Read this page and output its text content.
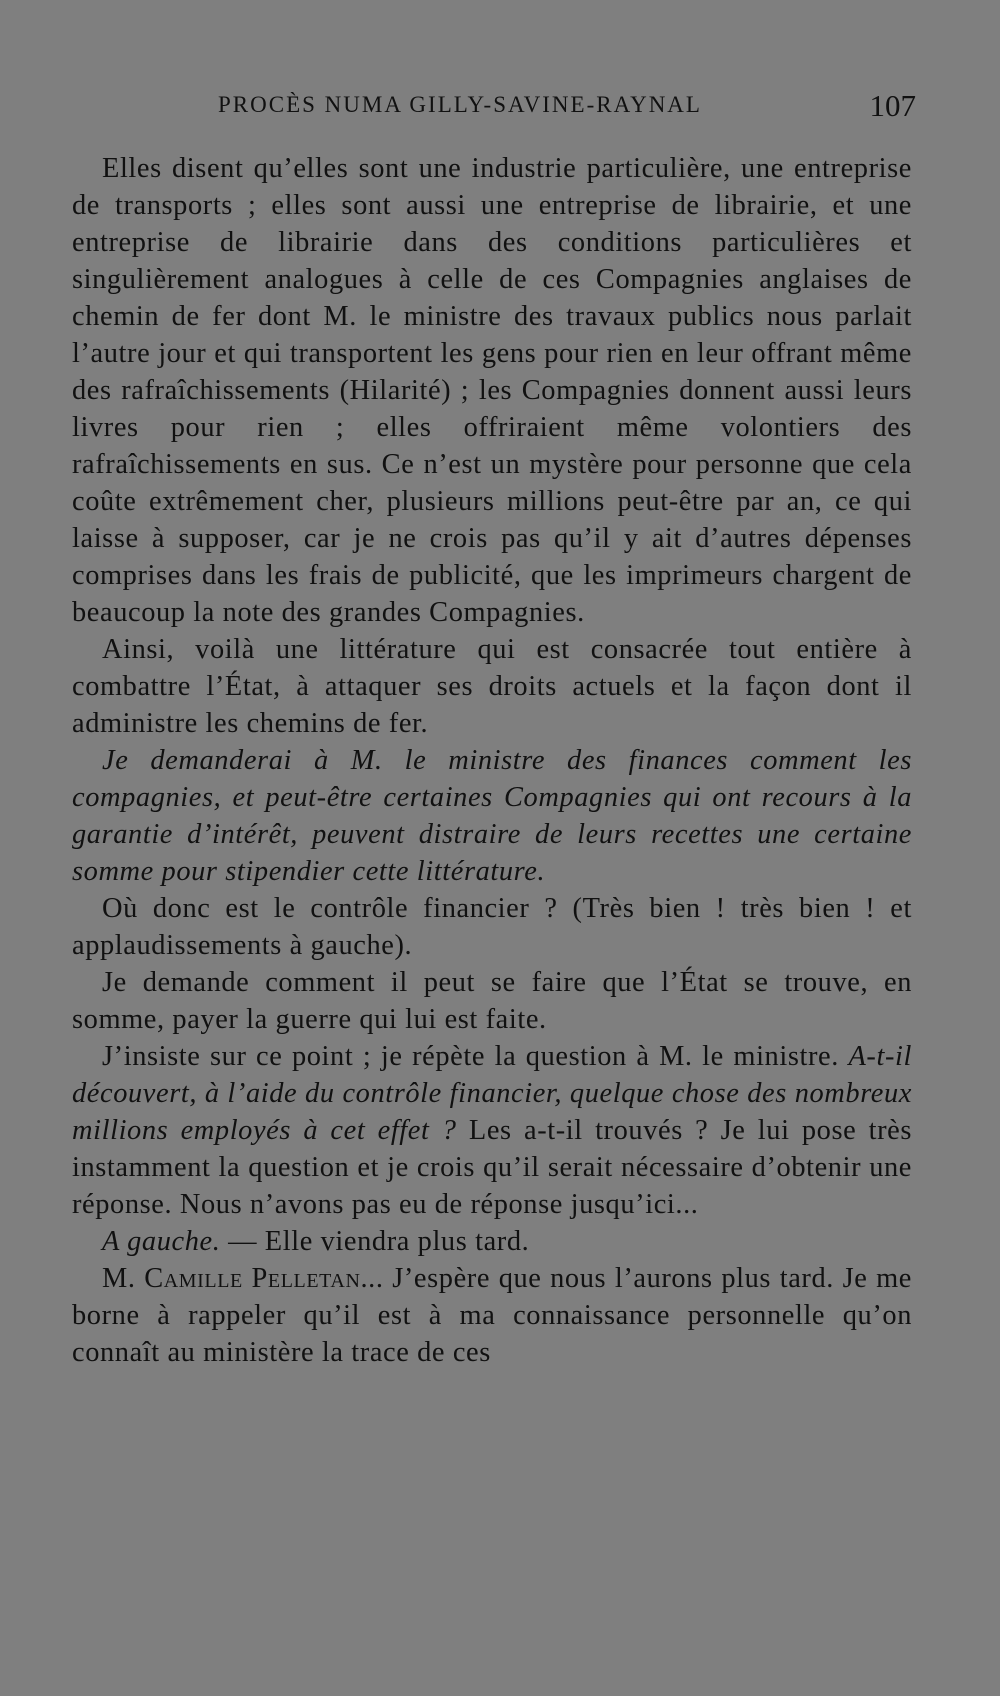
PROCÈS NUMA GILLY-SAVINE-RAYNAL	107

Elles disent qu’elles sont une industrie particulière, une entreprise de transports ; elles sont aussi une entreprise de librairie, et une entreprise de librairie dans des conditions particulières et singulièrement analogues à celle de ces Compagnies anglaises de chemin de fer dont M. le ministre des travaux publics nous parlait l’autre jour et qui transportent les gens pour rien en leur offrant même des rafraîchissements (Hilarité) ; les Compagnies donnent aussi leurs livres pour rien ; elles offriraient même volontiers des rafraîchissements en sus. Ce n’est un mystère pour personne que cela coûte extrêmement cher, plusieurs millions peut-être par an, ce qui laisse à supposer, car je ne crois pas qu’il y ait d’autres dépenses comprises dans les frais de publicité, que les imprimeurs chargent de beaucoup la note des grandes Compagnies.

Ainsi, voilà une littérature qui est consacrée tout entière à combattre l’État, à attaquer ses droits actuels et la façon dont il administre les chemins de fer.

Je demanderai à M. le ministre des finances comment les compagnies, et peut-être certaines Compagnies qui ont recours à la garantie d’intérêt, peuvent distraire de leurs recettes une certaine somme pour stipendier cette littérature.

Où donc est le contrôle financier ? (Très bien ! très bien ! et applaudissements à gauche).

Je demande comment il peut se faire que l’État se trouve, en somme, payer la guerre qui lui est faite.

J’insiste sur ce point ; je répète la question à M. le ministre. A-t-il découvert, à l’aide du contrôle financier, quelque chose des nombreux millions employés à cet effet ? Les a-t-il trouvés ? Je lui pose très instamment la question et je crois qu’il serait nécessaire d’obtenir une réponse. Nous n’avons pas eu de réponse jusqu’ici...

A gauche. — Elle viendra plus tard.

M. Camille Pelletan... J’espère que nous l’aurons plus tard. Je me borne à rappeler qu’il est à ma connaissance personnelle qu’on connaît au ministère la trace de ces
